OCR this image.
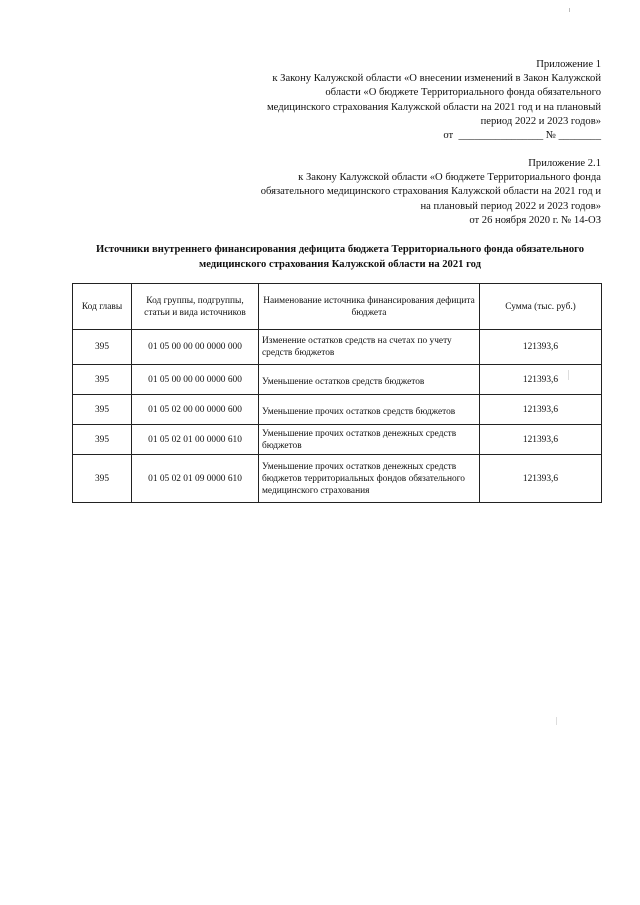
Приложение 1
к Закону Калужской области «О внесении изменений в Закон Калужской
области «О бюджете Территориального фонда обязательного
медицинского страхования Калужской области на 2021 год и на плановый
период 2022 и 2023 годов»
от  ________________ № ________
Приложение 2.1
к Закону Калужской области «О бюджете Территориального фонда
обязательного медицинского страхования Калужской области на 2021 год и
на плановый период 2022 и 2023 годов»
от 26 ноября 2020 г. № 14-ОЗ
Источники внутреннего финансирования дефицита бюджета Территориального фонда обязательного
медицинского страхования Калужской области на 2021 год
Код главы	Код группы, подгруппы, статьи и вида источников	Наименование источника финансирования дефицита бюджета	Сумма (тыс. руб.)
395	01 05 00 00 00 0000 000	Изменение остатков средств на счетах по учету средств бюджетов	121393,6
395	01 05 00 00 00 0000 600	Уменьшение остатков средств бюджетов	121393,6
395	01 05 02 00 00 0000 600	Уменьшение прочих остатков средств бюджетов	121393,6
395	01 05 02 01 00 0000 610	Уменьшение прочих остатков денежных средств бюджетов	121393,6
395	01 05 02 01 09 0000 610	Уменьшение прочих остатков денежных средств бюджетов территориальных фондов обязательного медицинского страхования	121393,6
